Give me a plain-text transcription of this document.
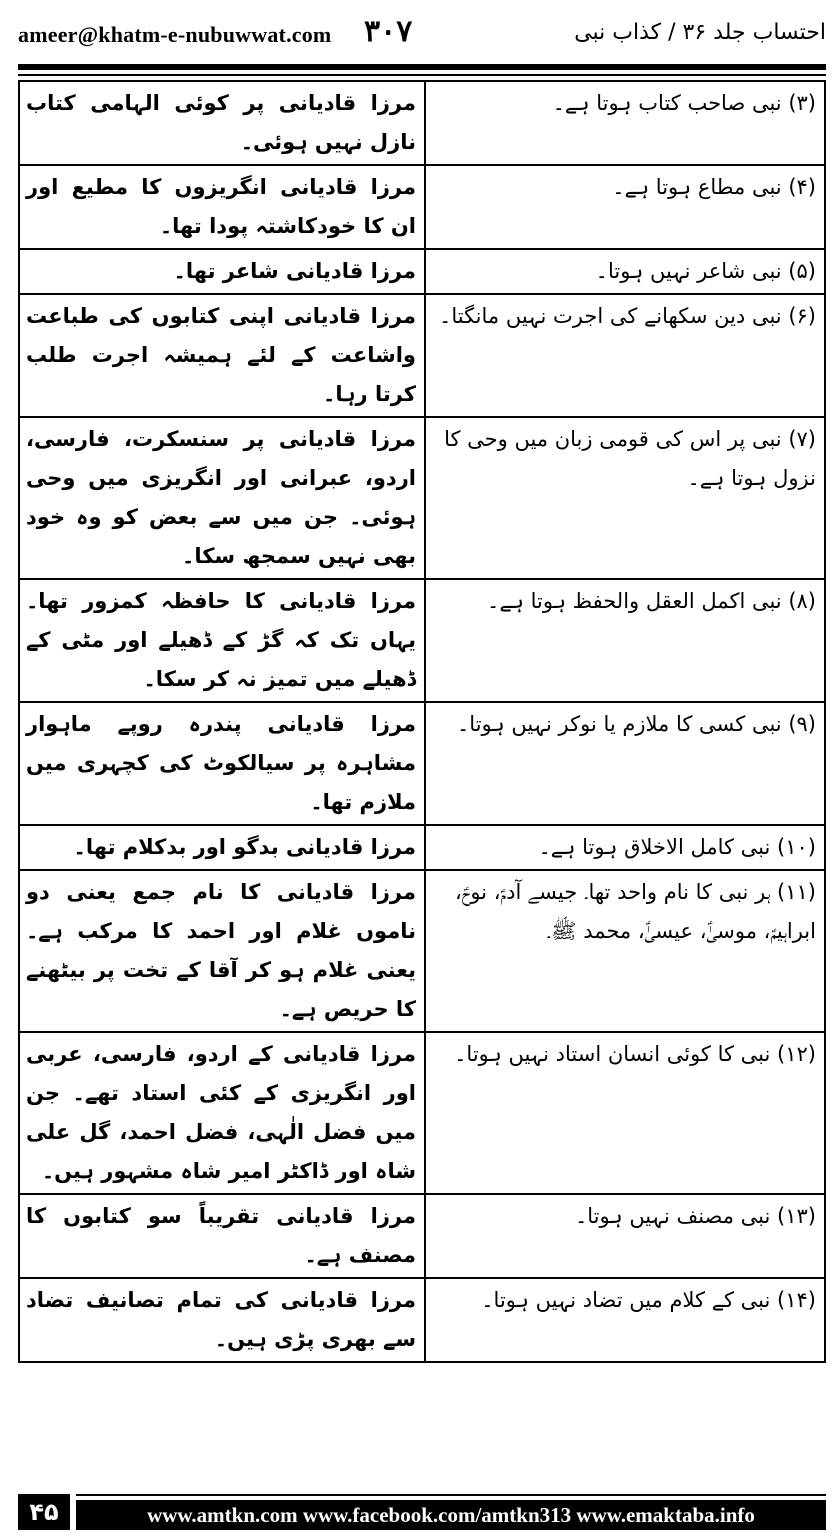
ameer@khatm-e-nubuwwat.com ۳۰۷	احتساب جلد ۳۶ / کذاب نبی
(۳) نبی صاحب کتاب ہوتا ہے۔
مرزا قادیانی پر کوئی الہامی کتاب نازل نہیں ہوئی۔
(۴) نبی مطاع ہوتا ہے۔
مرزا قادیانی انگریزوں کا مطیع اور ان کا خودکاشتہ پودا تھا۔
(۵) نبی شاعر نہیں ہوتا۔
مرزا قادیانی شاعر تھا۔
(۶) نبی دین سکھانے کی اجرت نہیں مانگتا۔
مرزا قادیانی اپنی کتابوں کی طباعت واشاعت کے لئے ہمیشہ اجرت طلب کرتا رہا۔
(۷) نبی پر اس کی قومی زبان میں وحی کا نزول ہوتا ہے۔
مرزا قادیانی پر سنسکرت، فارسی، اردو، عبرانی اور انگریزی میں وحی ہوئی۔ جن میں سے بعض کو وہ خود بھی نہیں سمجھ سکا۔
(۸) نبی اکمل العقل والحفظ ہوتا ہے۔
مرزا قادیانی کا حافظہ کمزور تھا۔ یہاں تک کہ گڑ کے ڈھیلے اور مٹی کے ڈھیلے میں تمیز نہ کر سکا۔
(۹) نبی کسی کا ملازم یا نوکر نہیں ہوتا۔
مرزا قادیانی پندرہ روپے ماہوار مشاہرہ پر سیالکوٹ کی کچہری میں ملازم تھا۔
(۱۰) نبی کامل الاخلاق ہوتا ہے۔
مرزا قادیانی بدگو اور بدکلام تھا۔
(۱۱) ہر نبی کا نام واحد تھا۔ جیسے آدمؑ، نوحؑ، ابراہیمؑ، موسیٰؑ، عیسیٰؑ، محمد ﷺ۔
مرزا قادیانی کا نام جمع یعنی دو ناموں غلام اور احمد کا مرکب ہے۔ یعنی غلام ہو کر آقا کے تخت پر بیٹھنے کا حریص ہے۔
(۱۲) نبی کا کوئی انسان استاد نہیں ہوتا۔
مرزا قادیانی کے اردو، فارسی، عربی اور انگریزی کے کئی استاد تھے۔ جن میں فضل الٰہی، فضل احمد، گل علی شاہ اور ڈاکٹر امیر شاہ مشہور ہیں۔
(۱۳) نبی مصنف نہیں ہوتا۔
مرزا قادیانی تقریباً سو کتابوں کا مصنف ہے۔
(۱۴) نبی کے کلام میں تضاد نہیں ہوتا۔
مرزا قادیانی کی تمام تصانیف تضاد سے بھری پڑی ہیں۔
۴۵	www.amtkn.com www.facebook.com/amtkn313 www.emaktaba.info
